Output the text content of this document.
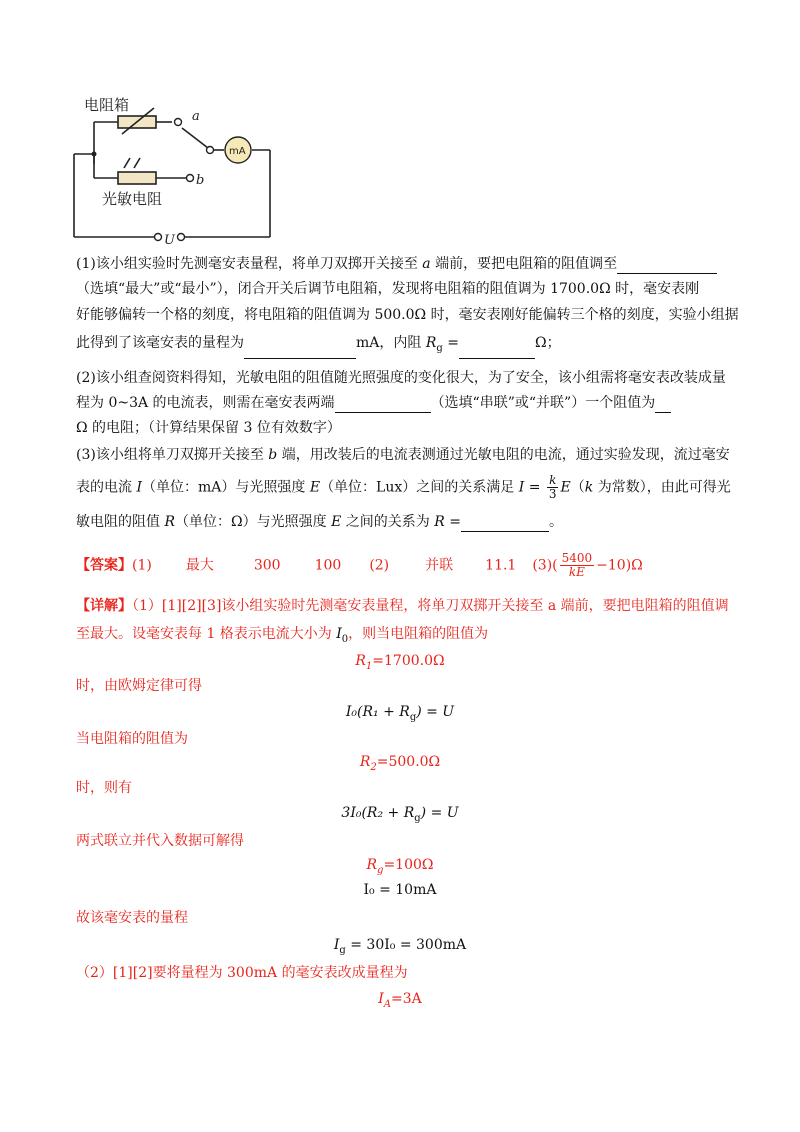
电阻箱
a
mA
b
光敏电阻
U
(1)该小组实验时先测毫安表量程，将单刀双掷开关接至 a 端前，要把电阻箱的阻值调至
（选填“最大”或“最小”），闭合开关后调节电阻箱，发现将电阻箱的阻值调为 1700.0Ω 时，毫安表刚
好能够偏转一个格的刻度，将电阻箱的阻值调为 500.0Ω 时，毫安表刚好能偏转三个格的刻度，实验小组据
此得到了该毫安表的量程为	mA，内阻 $R_g$ =	Ω；
(2)该小组查阅资料得知，光敏电阻的阻值随光照强度的变化很大，为了安全，该小组需将毫安表改装成量
程为 0~3A 的电流表，则需在毫安表两端	（选填“串联”或“并联”）一个阻值为
Ω 的电阻；（计算结果保留 3 位有效数字）
(3)该小组将单刀双掷开关接至 b 端，用改装后的电流表测通过光敏电阻的电流，通过实验发现，流过毫安
表的电流 I（单位：mA）与光照强度 E（单位：Lux）之间的关系满足 $I = \frac{k}{3} E(k$ 为常数），由此可得光
敏电阻的阻值 R（单位：Ω）与光照强度 E 之间的关系为 R =	。
【答案】(1) 最大	300 100 (2)	并联 11.1 $(3)( \frac{5400}{kE} -10)\Omega$
【详解】（1）[1][2][3]该小组实验时先测毫安表量程，将单刀双掷开关接至 a 端前，要把电阻箱的阻值调
至最大。设毫安表每 1 格表示电流大小为 $I_0$，则当电阻箱的阻值为
$R_1=1700.0\Omega$
时，由欧姆定律可得
$I_0(R_1 + R_g) = U$
当电阻箱的阻值为
$R_2=500.0\Omega$
时，则有
$3I_0(R_2 + R_g) = U$
两式联立并代入数据可解得
$R_g=100\Omega$
I₀ = 10mA
故该毫安表的量程
$I_g = 30I_0 = 300mA$
（2）[1][2]要将量程为 300mA 的毫安表改成量程为
$I_A=3A$
